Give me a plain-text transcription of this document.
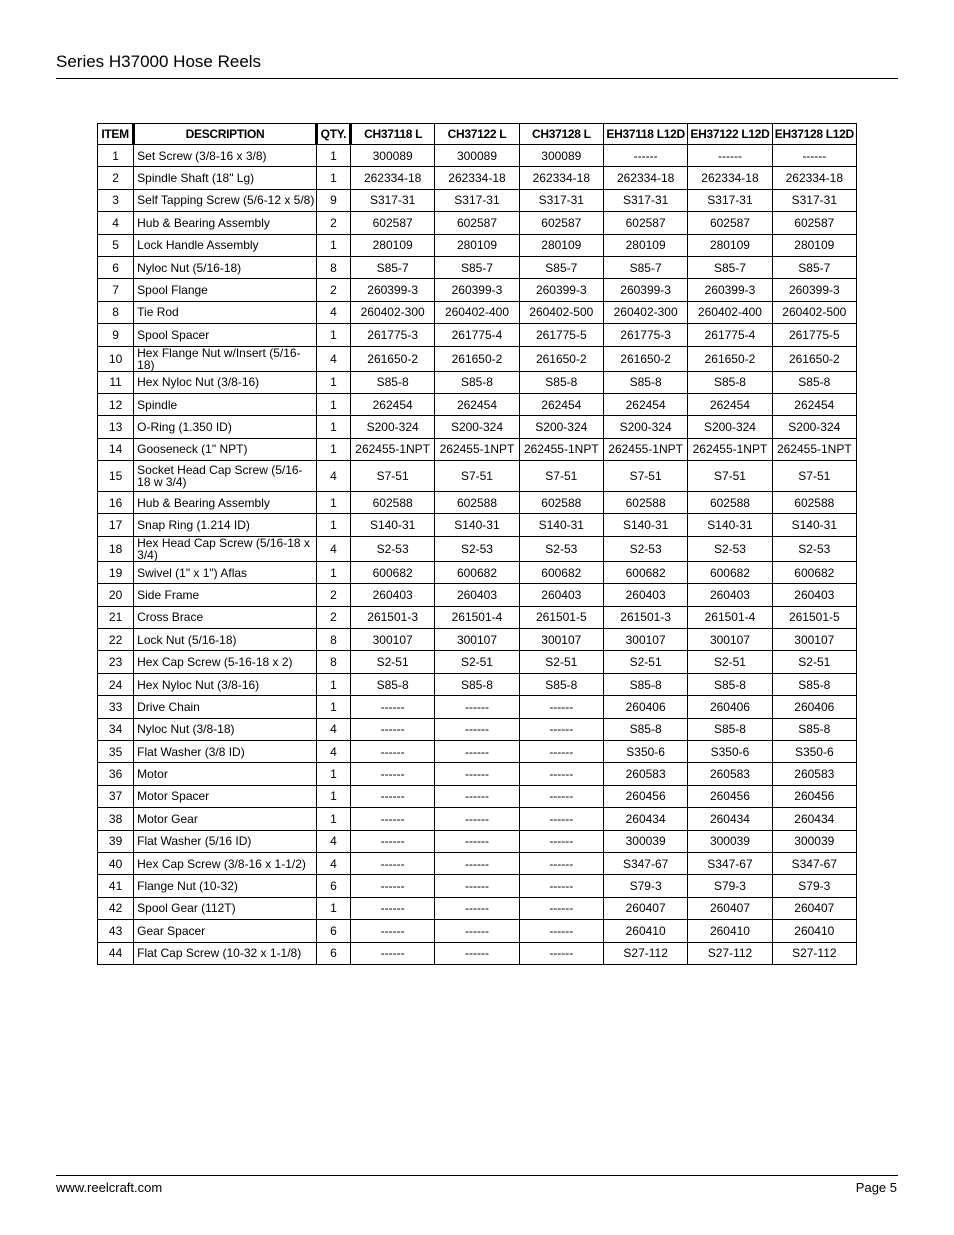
Series H37000 Hose Reels
ITEM	DESCRIPTION	QTY.	CH37118 L	CH37122 L	CH37128 L	EH37118 L12D	EH37122 L12D	EH37128 L12D
1	Set Screw (3/8-16 x 3/8)	1	300089	300089	300089	------	------	------
2	Spindle Shaft (18" Lg)	1	262334-18	262334-18	262334-18	262334-18	262334-18	262334-18
3	Self Tapping Screw (5/6-12 x 5/8)	9	S317-31	S317-31	S317-31	S317-31	S317-31	S317-31
4	Hub & Bearing Assembly	2	602587	602587	602587	602587	602587	602587
5	Lock Handle Assembly	1	280109	280109	280109	280109	280109	280109
6	Nyloc Nut (5/16-18)	8	S85-7	S85-7	S85-7	S85-7	S85-7	S85-7
7	Spool Flange	2	260399-3	260399-3	260399-3	260399-3	260399-3	260399-3
8	Tie Rod	4	260402-300	260402-400	260402-500	260402-300	260402-400	260402-500
9	Spool Spacer	1	261775-3	261775-4	261775-5	261775-3	261775-4	261775-5
10	Hex Flange Nut w/Insert (5/16-18)	4	261650-2	261650-2	261650-2	261650-2	261650-2	261650-2
11	Hex Nyloc Nut (3/8-16)	1	S85-8	S85-8	S85-8	S85-8	S85-8	S85-8
12	Spindle	1	262454	262454	262454	262454	262454	262454
13	O-Ring (1.350 ID)	1	S200-324	S200-324	S200-324	S200-324	S200-324	S200-324
14	Gooseneck (1" NPT)	1	262455-1NPT	262455-1NPT	262455-1NPT	262455-1NPT	262455-1NPT	262455-1NPT
15	Socket Head Cap Screw (5/16-18 w 3/4)	4	S7-51	S7-51	S7-51	S7-51	S7-51	S7-51
16	Hub & Bearing Assembly	1	602588	602588	602588	602588	602588	602588
17	Snap Ring (1.214 ID)	1	S140-31	S140-31	S140-31	S140-31	S140-31	S140-31
18	Hex Head Cap Screw (5/16-18 x 3/4)	4	S2-53	S2-53	S2-53	S2-53	S2-53	S2-53
19	Swivel (1" x 1") Aflas	1	600682	600682	600682	600682	600682	600682
20	Side Frame	2	260403	260403	260403	260403	260403	260403
21	Cross Brace	2	261501-3	261501-4	261501-5	261501-3	261501-4	261501-5
22	Lock Nut (5/16-18)	8	300107	300107	300107	300107	300107	300107
23	Hex Cap Screw (5-16-18 x 2)	8	S2-51	S2-51	S2-51	S2-51	S2-51	S2-51
24	Hex Nyloc Nut (3/8-16)	1	S85-8	S85-8	S85-8	S85-8	S85-8	S85-8
33	Drive Chain	1	------	------	------	260406	260406	260406
34	Nyloc Nut (3/8-18)	4	------	------	------	S85-8	S85-8	S85-8
35	Flat Washer (3/8 ID)	4	------	------	------	S350-6	S350-6	S350-6
36	Motor	1	------	------	------	260583	260583	260583
37	Motor Spacer	1	------	------	------	260456	260456	260456
38	Motor Gear	1	------	------	------	260434	260434	260434
39	Flat Washer (5/16 ID)	4	------	------	------	300039	300039	300039
40	Hex Cap Screw (3/8-16 x 1-1/2)	4	------	------	------	S347-67	S347-67	S347-67
41	Flange Nut (10-32)	6	------	------	------	S79-3	S79-3	S79-3
42	Spool Gear (112T)	1	------	------	------	260407	260407	260407
43	Gear Spacer	6	------	------	------	260410	260410	260410
44	Flat Cap Screw (10-32 x 1-1/8)	6	------	------	------	S27-112	S27-112	S27-112
www.reelcraft.com	Page 5
